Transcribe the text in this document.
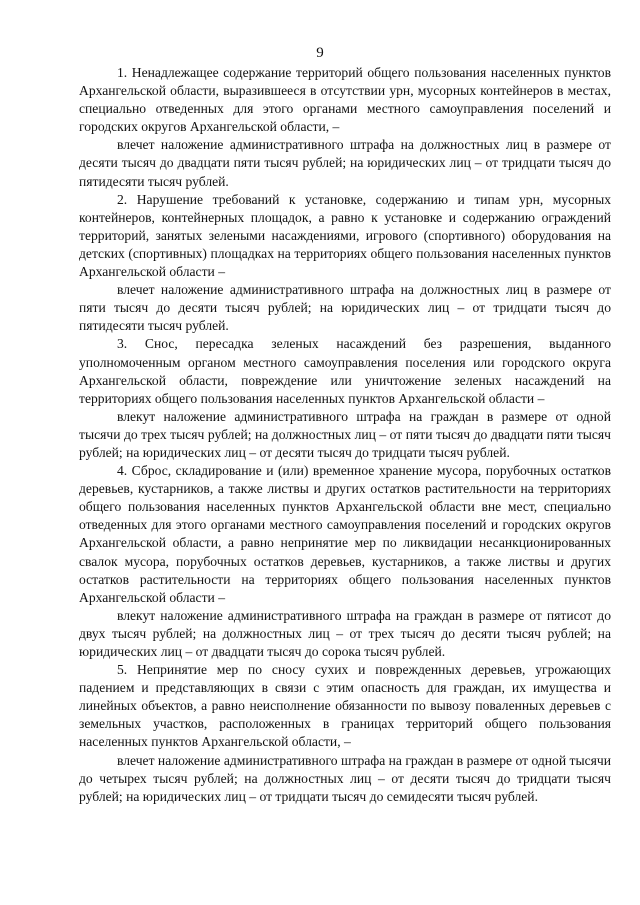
9

1. Ненадлежащее содержание территорий общего пользования населенных пунктов Архангельской области, выразившееся в отсутствии урн, мусорных контейнеров в местах, специально отведенных для этого органами местного самоуправления поселений и городских округов Архангельской области, –

влечет наложение административного штрафа на должностных лиц в размере от десяти тысяч до двадцати пяти тысяч рублей; на юридических лиц – от тридцати тысяч до пятидесяти тысяч рублей.

2. Нарушение требований к установке, содержанию и типам урн, мусорных контейнеров, контейнерных площадок, а равно к установке и содержанию ограждений территорий, занятых зелеными насаждениями, игрового (спортивного) оборудования на детских (спортивных) площадках на территориях общего пользования населенных пунктов Архангельской области –

влечет наложение административного штрафа на должностных лиц в размере от пяти тысяч до десяти тысяч рублей; на юридических лиц – от тридцати тысяч до пятидесяти тысяч рублей.

3. Снос, пересадка зеленых насаждений без разрешения, выданного уполномоченным органом местного самоуправления поселения или городского округа Архангельской области, повреждение или уничтожение зеленых насаждений на территориях общего пользования населенных пунктов Архангельской области –

влекут наложение административного штрафа на граждан в размере от одной тысячи до трех тысяч рублей; на должностных лиц – от пяти тысяч до двадцати пяти тысяч рублей; на юридических лиц – от десяти тысяч до тридцати тысяч рублей.

4. Сброс, складирование и (или) временное хранение мусора, порубочных остатков деревьев, кустарников, а также листвы и других остатков растительности на территориях общего пользования населенных пунктов Архангельской области вне мест, специально отведенных для этого органами местного самоуправления поселений и городских округов Архангельской области, а равно непринятие мер по ликвидации несанкционированных свалок мусора, порубочных остатков деревьев, кустарников, а также листвы и других остатков растительности на территориях общего пользования населенных пунктов Архангельской области –

влекут наложение административного штрафа на граждан в размере от пятисот до двух тысяч рублей; на должностных лиц – от трех тысяч до десяти тысяч рублей; на юридических лиц – от двадцати тысяч до сорока тысяч рублей.

5. Непринятие мер по сносу сухих и поврежденных деревьев, угрожающих падением и представляющих в связи с этим опасность для граждан, их имущества и линейных объектов, а равно неисполнение обязанности по вывозу поваленных деревьев с земельных участков, расположенных в границах территорий общего пользования населенных пунктов Архангельской области, –

влечет наложение административного штрафа на граждан в размере от одной тысячи до четырех тысяч рублей; на должностных лиц – от десяти тысяч до тридцати тысяч рублей; на юридических лиц – от тридцати тысяч до семидесяти тысяч рублей.
